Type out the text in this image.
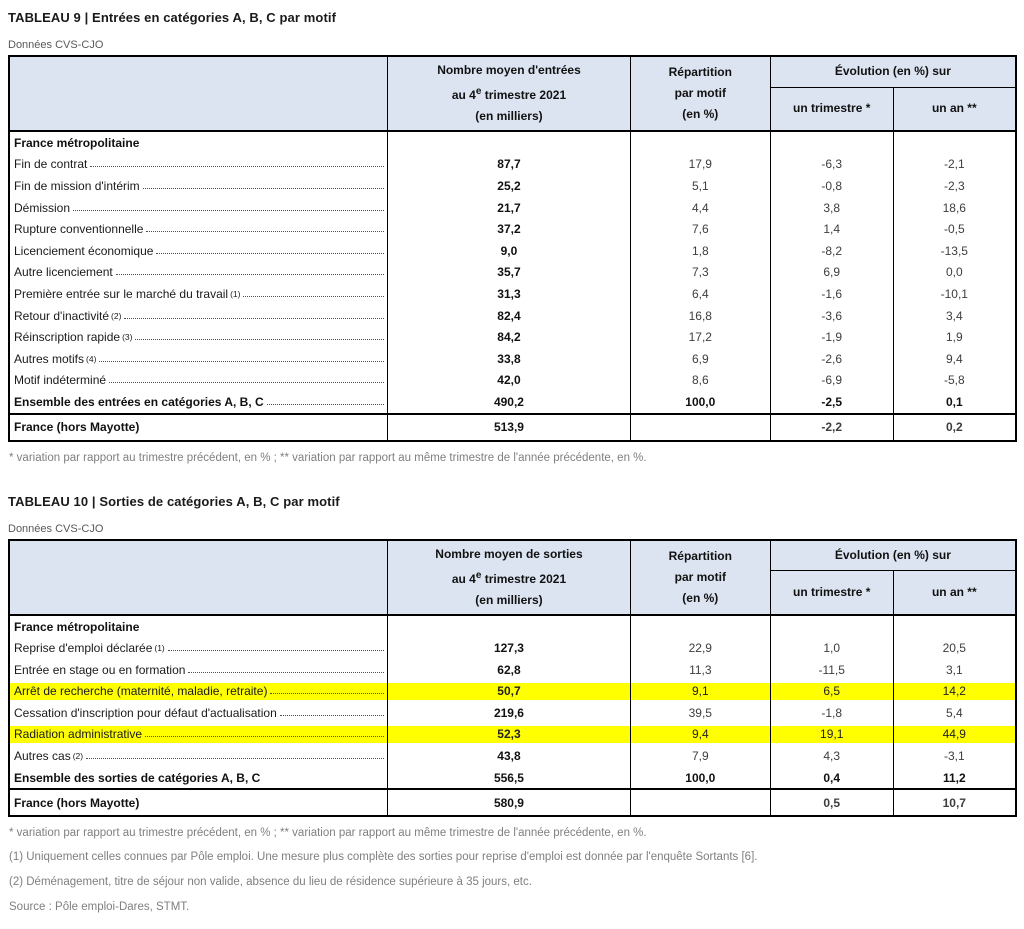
TABLEAU 9 | Entrées en catégories A, B, C par motif

Données CVS-CJO

	Nombre moyen d'entrées
au 4e trimestre 2021
(en milliers)	Répartition
par motif
(en %)	Évolution (en %) sur	
			un trimestre *	un an **

France métropolitaine				

Fin de contrat	87,7	17,9	-6,3	-2,1

Fin de mission d'intérim	25,2	5,1	-0,8	-2,3

Démission	21,7	4,4	3,8	18,6

Rupture conventionnelle	37,2	7,6	1,4	-0,5

Licenciement économique	9,0	1,8	-8,2	-13,5

Autre licenciement	35,7	7,3	6,9	0,0

Première entrée sur le marché du travail$^{(1)}$	31,3	6,4	-1,6	-10,1

Retour d'inactivité$^{(2)}$	82,4	16,8	-3,6	3,4

Réinscription rapide$^{(3)}$	84,2	17,2	-1,9	1,9

Autres motifs$^{(4)}$	33,8	6,9	-2,6	9,4

Motif indéterminé	42,0	8,6	-6,9	-5,8

Ensemble des entrées en catégories A, B, C	490,2	100,0	-2,5	0,1

France (hors Mayotte)	513,9		-2,2	0,2

* variation par rapport au trimestre précédent, en % ; ** variation par rapport au même trimestre de l'année précédente, en %.

TABLEAU 10 | Sorties de catégories A, B, C par motif

Données CVS-CJO

	Nombre moyen de sorties
au 4e trimestre 2021
(en milliers)	Répartition
par motif
(en %)	Évolution (en %) sur	
			un trimestre *	un an **

France métropolitaine				

Reprise d'emploi déclarée$^{(1)}$	127,3	22,9	1,0	20,5

Entrée en stage ou en formation	62,8	11,3	-11,5	3,1

Arrêt de recherche (maternité, maladie, retraite)	50,7	9,1	6,5	14,2

Cessation d'inscription pour défaut d'actualisation	219,6	39,5	-1,8	5,4

Radiation administrative	52,3	9,4	19,1	44,9

Autres cas$^{(2)}$	43,8	7,9	4,3	-3,1

Ensemble des sorties de catégories A, B, C	556,5	100,0	0,4	11,2

France (hors Mayotte)	580,9		0,5	10,7

* variation par rapport au trimestre précédent, en % ; ** variation par rapport au même trimestre de l'année précédente, en %.

(1) Uniquement celles connues par Pôle emploi. Une mesure plus complète des sorties pour reprise d'emploi est donnée par l'enquête Sortants [6].

(2) Déménagement, titre de séjour non valide, absence du lieu de résidence supérieure à 35 jours, etc.

Source : Pôle emploi-Dares, STMT.
